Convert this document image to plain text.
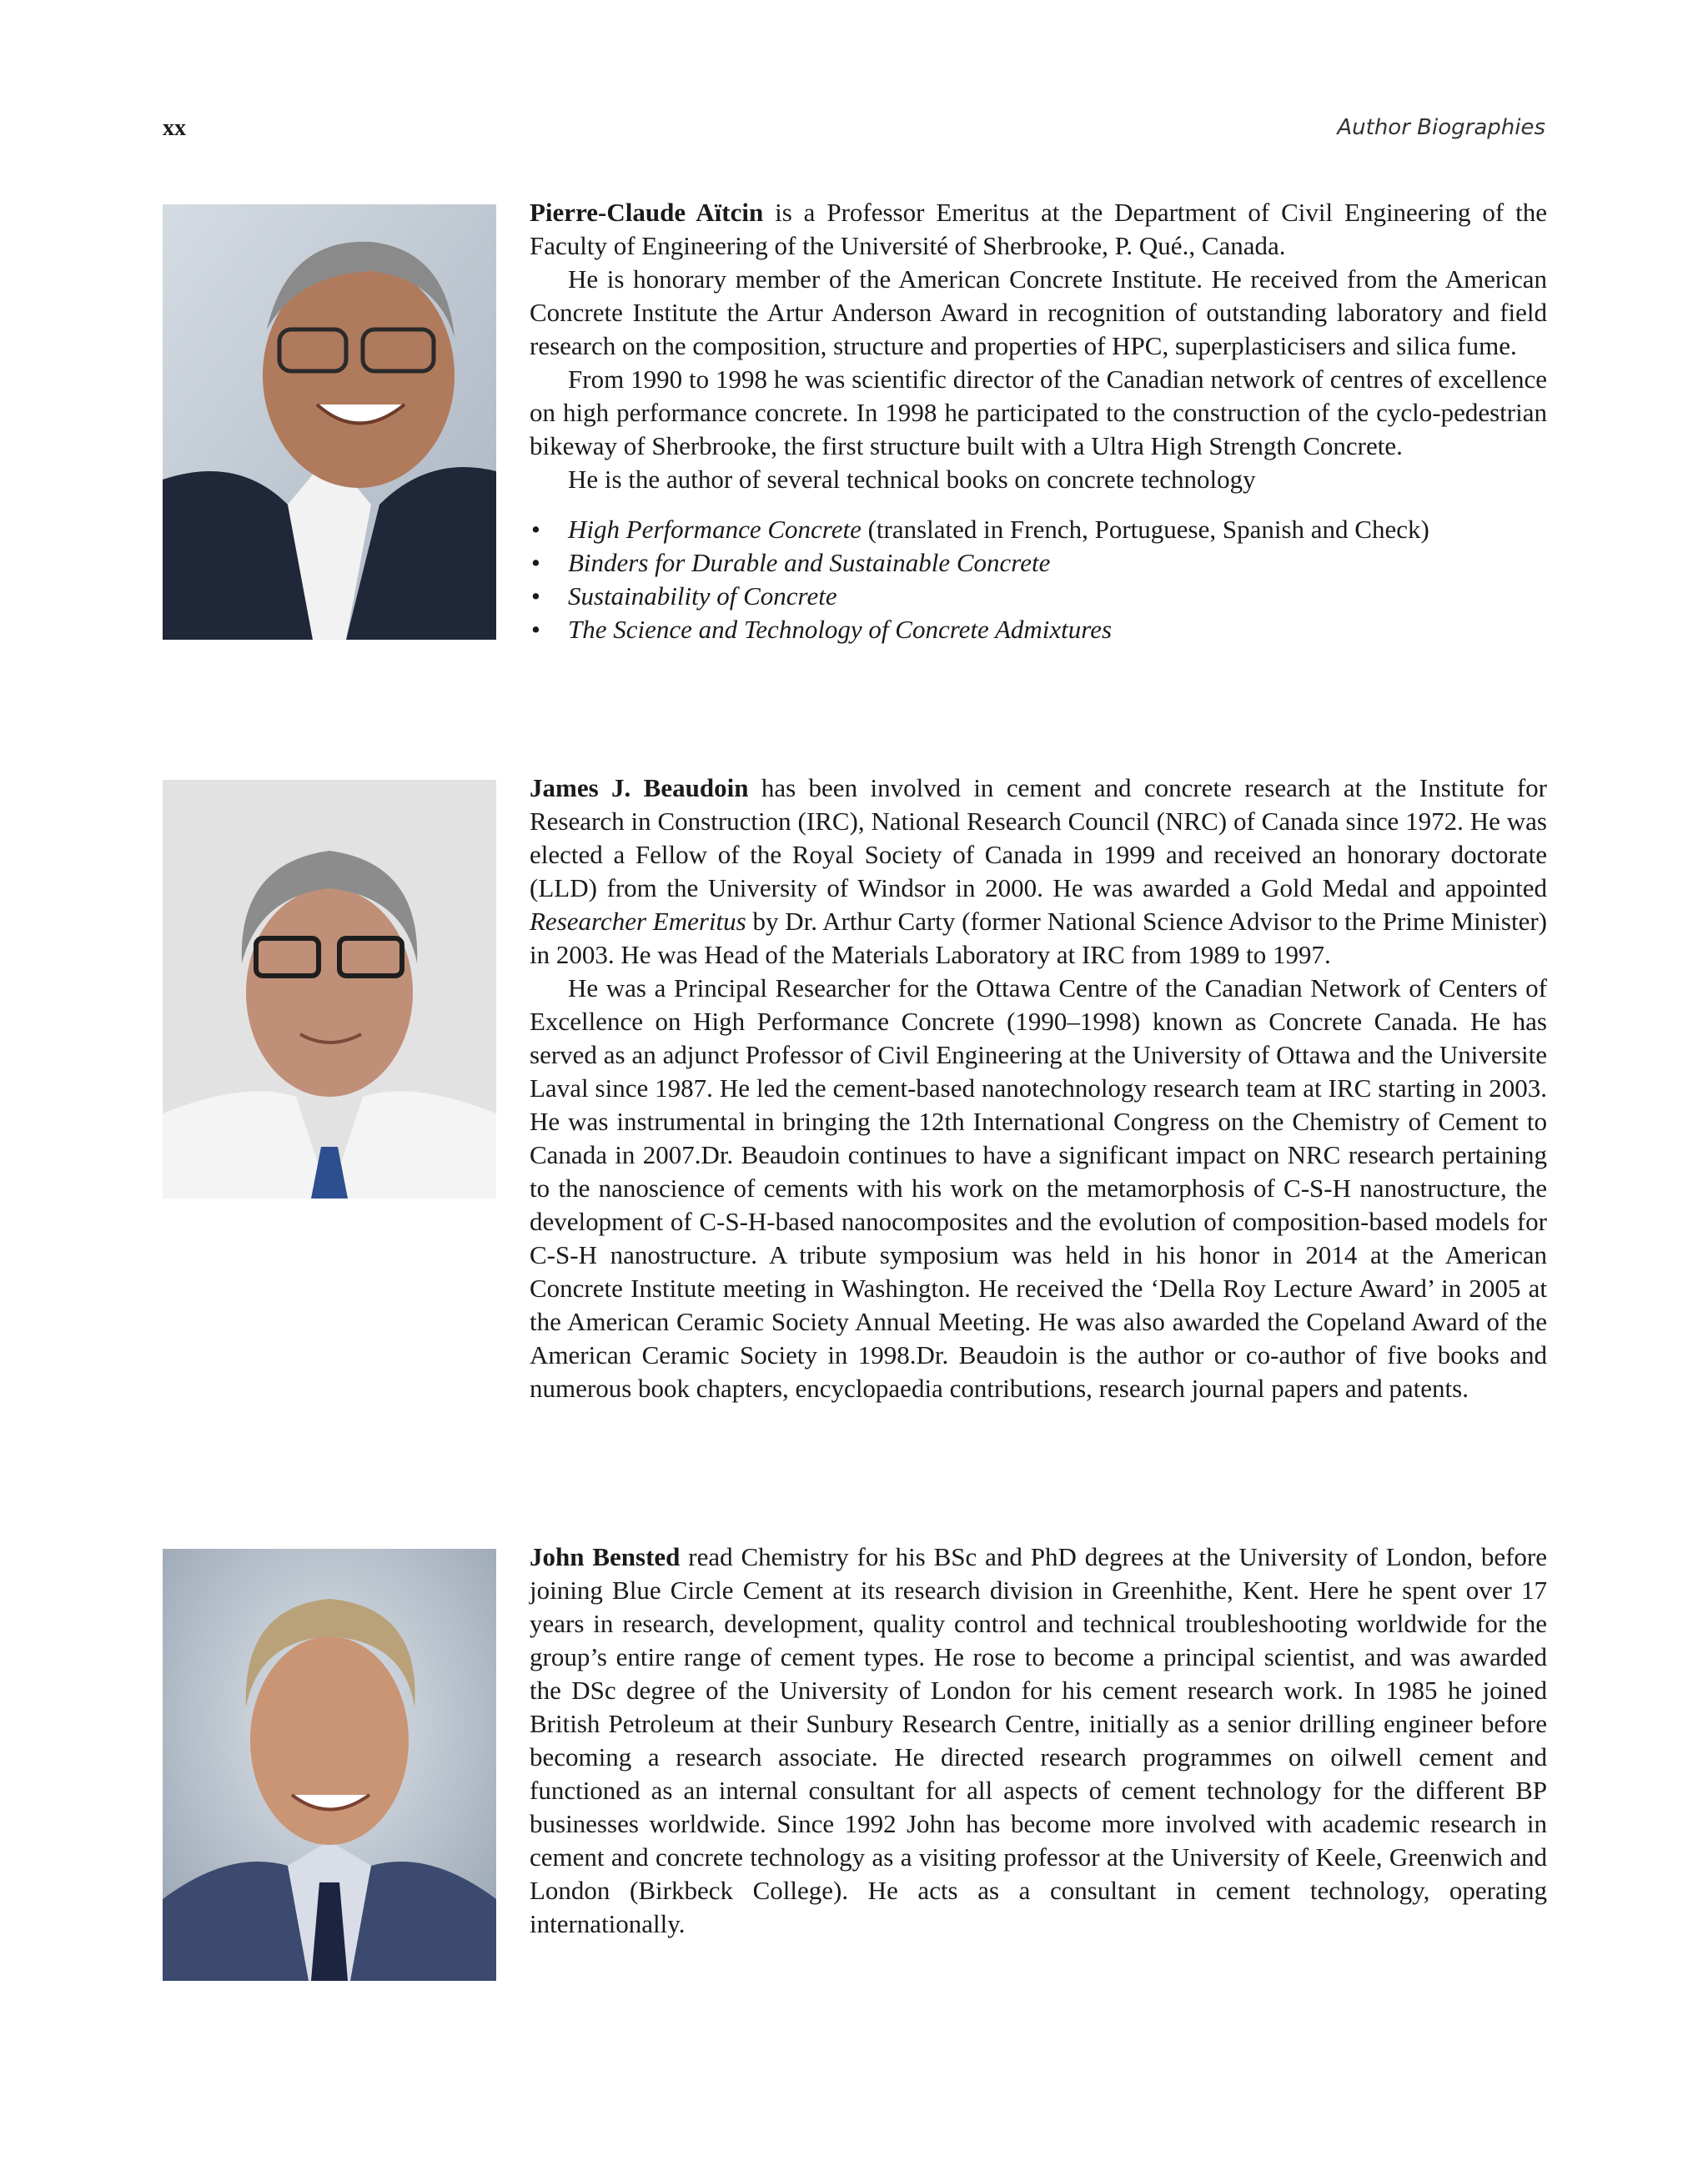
xx	Author Biographies

Pierre-Claude Aïtcin is a Professor Emeritus at the Department of Civil Engineering of the Faculty of Engineering of the Université of Sherbrooke, P. Qué., Canada.

He is honorary member of the American Concrete Institute. He received from the American Concrete Institute the Artur Anderson Award in recognition of outstanding laboratory and field research on the composition, structure and properties of HPC, superplasticisers and silica fume.

From 1990 to 1998 he was scientific director of the Canadian network of centres of excellence on high performance concrete. In 1998 he participated to the construction of the cyclo-pedestrian bikeway of Sherbrooke, the first structure built with a Ultra High Strength Concrete.

He is the author of several technical books on concrete technology

• High Performance Concrete (translated in French, Portuguese, Spanish and Check)
• Binders for Durable and Sustainable Concrete
• Sustainability of Concrete
• The Science and Technology of Concrete Admixtures

James J. Beaudoin has been involved in cement and concrete research at the Institute for Research in Construction (IRC), National Research Council (NRC) of Canada since 1972. He was elected a Fellow of the Royal Society of Canada in 1999 and received an honorary doctorate (LLD) from the University of Windsor in 2000. He was awarded a Gold Medal and appointed Researcher Emeritus by Dr. Arthur Carty (former National Science Advisor to the Prime Minister) in 2003. He was Head of the Materials Laboratory at IRC from 1989 to 1997.

He was a Principal Researcher for the Ottawa Centre of the Canadian Network of Centers of Excellence on High Performance Concrete (1990–1998) known as Concrete Canada. He has served as an adjunct Professor of Civil Engineering at the University of Ottawa and the Universite Laval since 1987. He led the cement-based nanotechnology research team at IRC starting in 2003. He was instrumental in bringing the 12th International Congress on the Chemistry of Cement to Canada in 2007.Dr. Beaudoin continues to have a significant impact on NRC research pertaining to the nanoscience of cements with his work on the metamorphosis of C-S-H nanostructure, the development of C-S-H-based nanocomposites and the evolution of composition-based models for C-S-H nanostructure. A tribute symposium was held in his honor in 2014 at the American Concrete Institute meeting in Washington. He received the ‘Della Roy Lecture Award’ in 2005 at the American Ceramic Society Annual Meeting. He was also awarded the Copeland Award of the American Ceramic Society in 1998.Dr. Beaudoin is the author or co-author of five books and numerous book chapters, encyclopaedia contributions, research journal papers and patents.

John Bensted read Chemistry for his BSc and PhD degrees at the University of London, before joining Blue Circle Cement at its research division in Greenhithe, Kent. Here he spent over 17 years in research, development, quality control and technical troubleshooting worldwide for the group’s entire range of cement types. He rose to become a principal scientist, and was awarded the DSc degree of the University of London for his cement research work. In 1985 he joined British Petroleum at their Sunbury Research Centre, initially as a senior drilling engineer before becoming a research associate. He directed research programmes on oilwell cement and functioned as an internal consultant for all aspects of cement technology for the different BP businesses worldwide. Since 1992 John has become more involved with academic research in cement and concrete technology as a visiting professor at the University of Keele, Greenwich and London (Birkbeck College). He acts as a consultant in cement technology, operating internationally.
